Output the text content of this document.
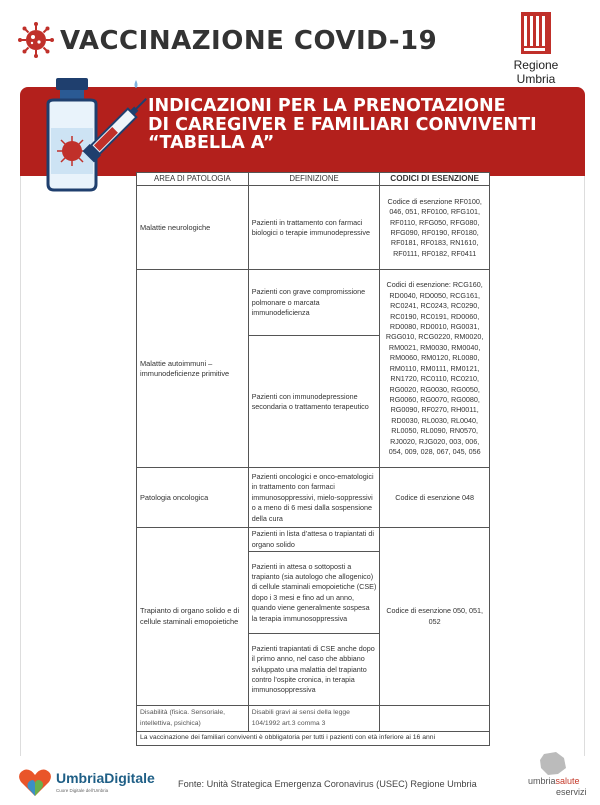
VACCINAZIONE COVID-19
Regione Umbria
INDICAZIONI PER LA PRENOTAZIONE
DI CAREGIVER E FAMILIARI CONVIVENTI
“TABELLA A”
AREA DI PATOLOGIA	DEFINIZIONE	CODICI DI ESENZIONE
Malattie neurologiche	Pazienti in trattamento con farmaci biologici o terapie immunodepressive	Codice di esenzione RF0100, 046, 051, RF0100, RFG101, RF0110, RFG050, RFG080, RFG090, RF0190, RF0180, RF0181, RF0183, RN1610, RF0111, RF0182, RF0411
Malattie autoimmuni – immunodeficienze primitive	Pazienti con grave compromissione polmonare o marcata immunodeficienza	Codici di esenzione: RCG160, RD0040, RD0050, RCG161, RC0241, RC0243, RC0290, RC0190, RC0191, RD0060, RD0080, RD0010, RG0031, RGG010, RCG0220, RM0020, RM0021, RM0030, RM0040, RM0060, RM0120, RL0080, RM0110, RM0111, RM0121, RN1720, RC0110, RC0210, RG0020, RG0030, RG0050, RG0060, RG0070, RG0080, RG0090, RF0270, RH0011, RD0030, RL0030, RL0040, RL0050, RL0090, RN0570, RJ0020, RJG020, 003, 006, 054, 009, 028, 067, 045, 056
	Pazienti con immunodepressione secondaria o trattamento terapeutico	
Patologia oncologica	Pazienti oncologici e onco-ematologici in trattamento con farmaci immunosoppressivi, mielo-soppressivi o a meno di 6 mesi dalla sospensione della cura	Codice di esenzione 048
Trapianto di organo solido e di cellule staminali emopoietiche	Pazienti in lista d’attesa o trapiantati di organo solido	Codice di esenzione 050, 051, 052
	Pazienti in attesa o sottoposti a trapianto (sia autologo che allogenico) di cellule staminali emopoietiche (CSE) dopo i 3 mesi e fino ad un anno, quando viene generalmente sospesa la terapia immunosoppressiva	
	Pazienti trapiantati di CSE anche dopo il primo anno, nel caso che abbiano sviluppato una malattia del trapianto contro l’ospite cronica, in terapia immunosoppressiva	
Disabilità (fisica. Sensoriale, intellettiva, psichica)	Disabili gravi ai sensi della legge 104/1992 art.3 comma 3	
La vaccinazione dei familiari conviventi è obbligatoria per tutti i pazienti con età inferiore ai 16 anni		
UmbriaDigitale
Cuore Digitale dell'Umbria
Fonte: Unità Strategica Emergenza Coronavirus (USEC) Regione Umbria	umbriasalute
eservizi
